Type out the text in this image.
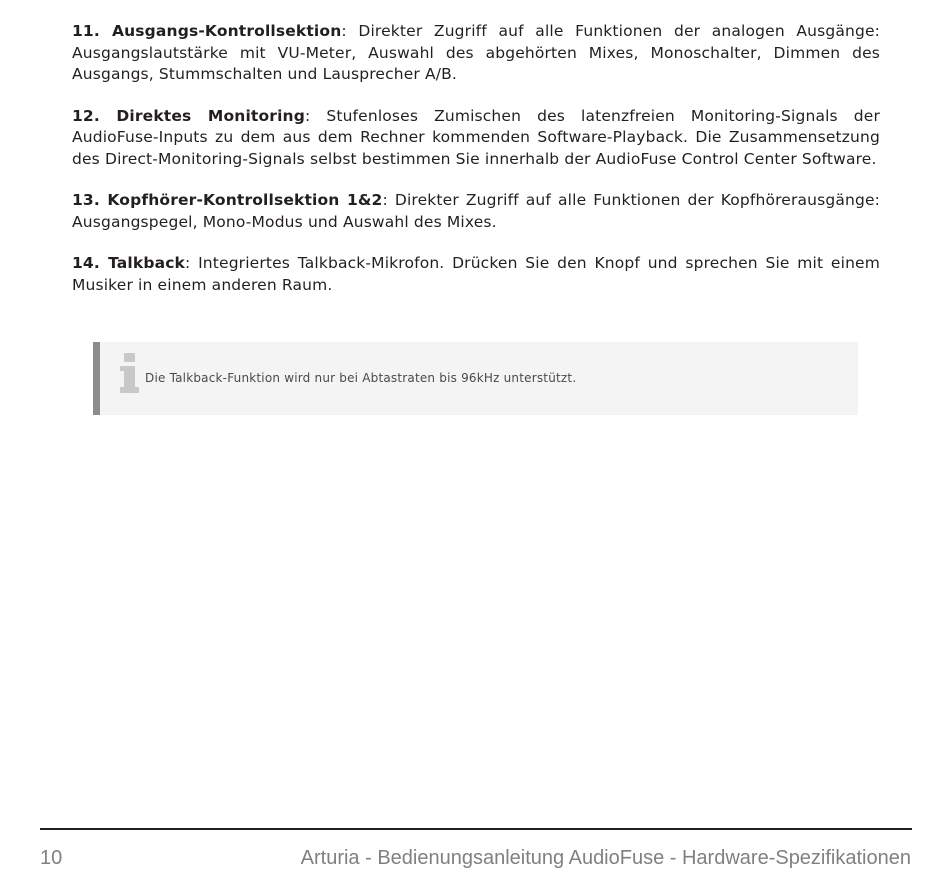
11. Ausgangs-Kontrollsektion: Direkter Zugriff auf alle Funktionen der analogen Ausgänge: Ausgangslautstärke mit VU-Meter, Auswahl des abgehörten Mixes, Monoschalter, Dimmen des Ausgangs, Stummschalten und Lausprecher A/B.

12. Direktes Monitoring: Stufenloses Zumischen des latenzfreien Monitoring-Signals der AudioFuse-Inputs zu dem aus dem Rechner kommenden Software-Playback. Die Zusammensetzung des Direct-Monitoring-Signals selbst bestimmen Sie innerhalb der AudioFuse Control Center Software.

13. Kopfhörer-Kontrollsektion 1&2: Direkter Zugriff auf alle Funktionen der Kopfhörerausgänge: Ausgangspegel, Mono-Modus und Auswahl des Mixes.

14. Talkback: Integriertes Talkback-Mikrofon. Drücken Sie den Knopf und sprechen Sie mit einem Musiker in einem anderen Raum.

Die Talkback-Funktion wird nur bei Abtastraten bis 96kHz unterstützt.
10	Arturia - Bedienungsanleitung AudioFuse - Hardware-Spezifikationen
